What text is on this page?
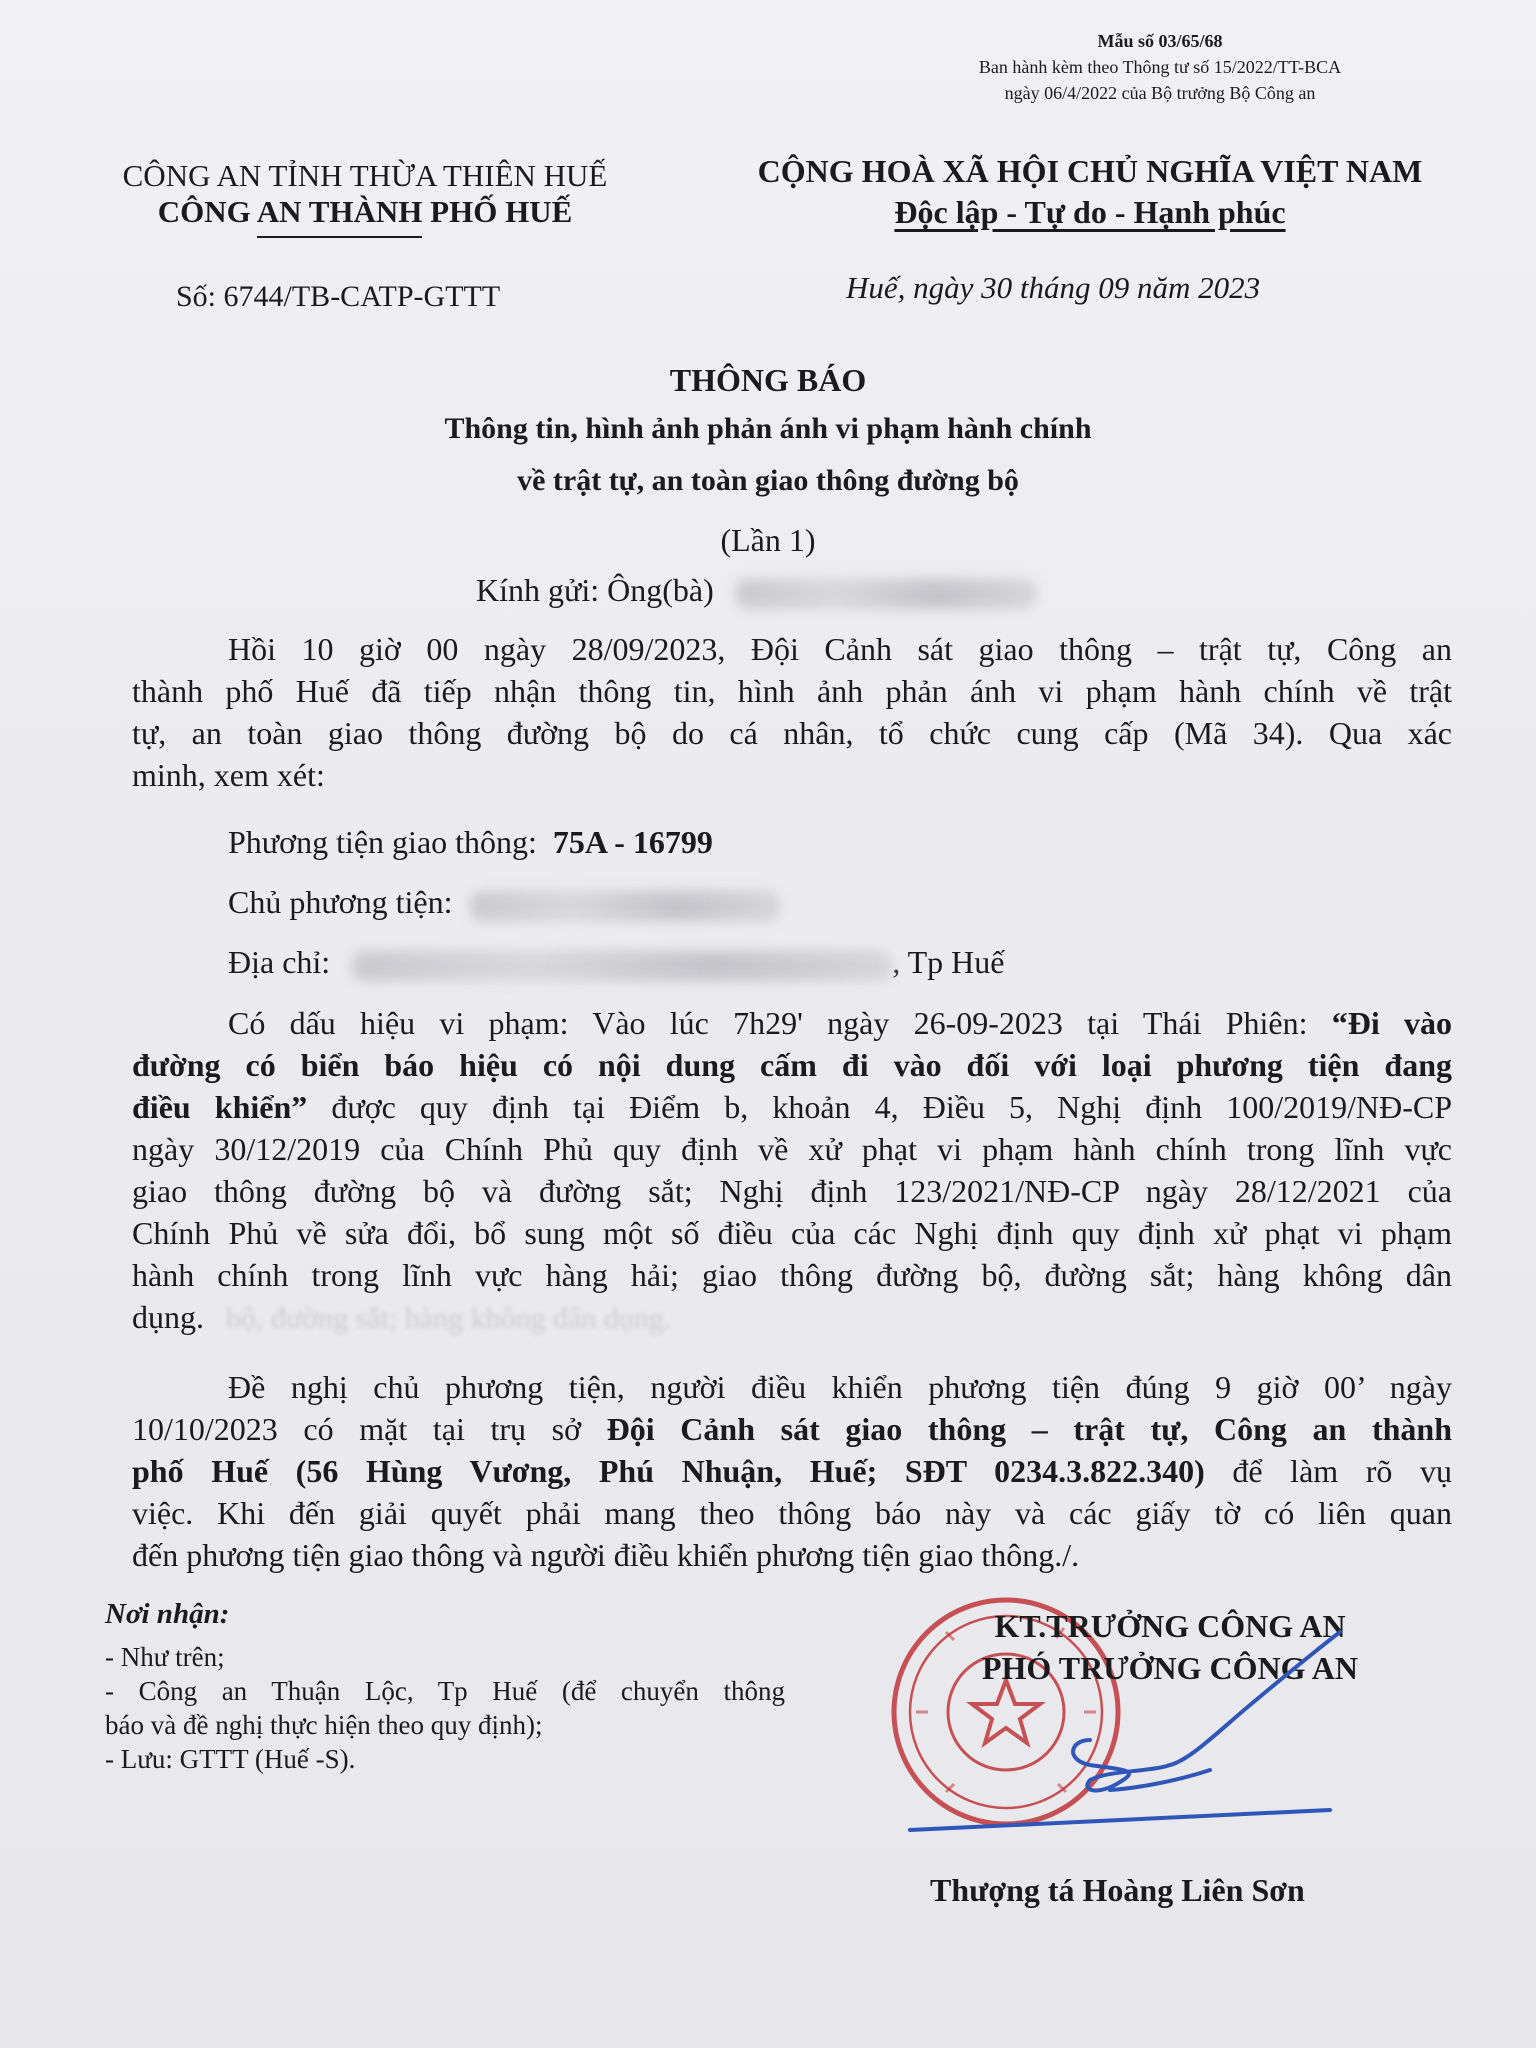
Mẫu số 03/65/68
Ban hành kèm theo Thông tư số 15/2022/TT-BCA
ngày 06/4/2022 của Bộ trưởng Bộ Công an
CÔNG AN TỈNH THỪA THIÊN HUẾ
CÔNG AN THÀNH PHỐ HUẾ
Số: 6744/TB-CATP-GTTT
CỘNG HOÀ XÃ HỘI CHỦ NGHĨA VIỆT NAM
Độc lập - Tự do - Hạnh phúc
Huế, ngày 30 tháng 09 năm 2023
THÔNG BÁO
Thông tin, hình ảnh phản ánh vi phạm hành chính
về trật tự, an toàn giao thông đường bộ
(Lần 1)
Kính gửi: Ông(bà)
Hồi 10 giờ 00 ngày 28/09/2023, Đội Cảnh sát giao thông – trật tự, Công an
thành phố Huế đã tiếp nhận thông tin, hình ảnh phản ánh vi phạm hành chính về trật
tự, an toàn giao thông đường bộ do cá nhân, tổ chức cung cấp (Mã 34). Qua xác
minh, xem xét:
Phương tiện giao thông: 75A - 16799
Chủ phương tiện:
Địa chỉ:	, Tp Huế
Có dấu hiệu vi phạm: Vào lúc 7h29' ngày 26-09-2023 tại Thái Phiên: “Đi vào
đường có biển báo hiệu có nội dung cấm đi vào đối với loại phương tiện đang
điều khiển” được quy định tại Điểm b, khoản 4, Điều 5, Nghị định 100/2019/NĐ-CP
ngày 30/12/2019 của Chính Phủ quy định về xử phạt vi phạm hành chính trong lĩnh vực
giao thông đường bộ và đường sắt; Nghị định 123/2021/NĐ-CP ngày 28/12/2021 của
Chính Phủ về sửa đổi, bổ sung một số điều của các Nghị định quy định xử phạt vi phạm
hành chính trong lĩnh vực hàng hải; giao thông đường bộ, đường sắt; hàng không dân
dụng. bộ, đường sắt; hàng không dân dụng.
Đề nghị chủ phương tiện, người điều khiển phương tiện đúng 9 giờ 00’ ngày
10/10/2023 có mặt tại trụ sở Đội Cảnh sát giao thông – trật tự, Công an thành
phố Huế (56 Hùng Vương, Phú Nhuận, Huế; SĐT 0234.3.822.340) để làm rõ vụ
việc. Khi đến giải quyết phải mang theo thông báo này và các giấy tờ có liên quan
đến phương tiện giao thông và người điều khiển phương tiện giao thông./.
Nơi nhận:
- Như trên;
- Công an Thuận Lộc, Tp Huế (để chuyển thông
báo và đề nghị thực hiện theo quy định);
- Lưu: GTTT (Huế -S).
KT.TRƯỞNG CÔNG AN
PHÓ TRƯỞNG CÔNG AN
Thượng tá Hoàng Liên Sơn
